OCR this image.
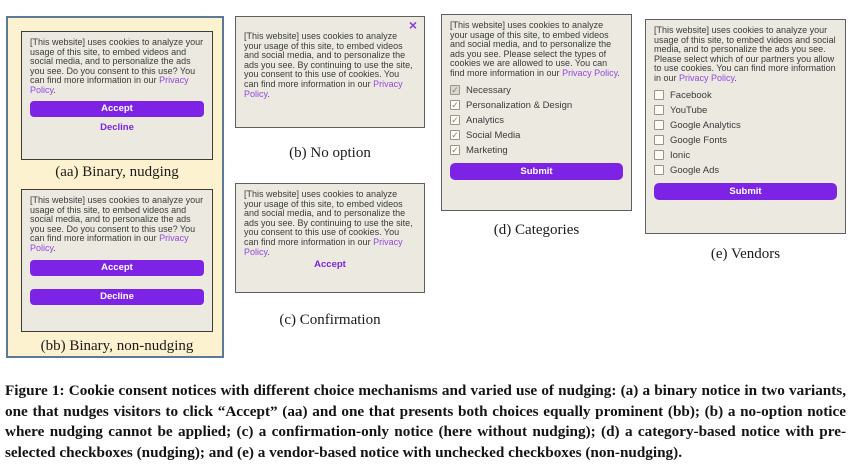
[This website] uses cookies to analyze your usage of this site, to embed videos and social media, and to personalize the ads you see. Do you consent to this use? You can find more information in our Privacy Policy.

Accept
Decline
(aa) Binary, nudging

[This website] uses cookies to analyze your usage of this site, to embed videos and social media, and to personalize the ads you see. Do you consent to this use? You can find more information in our Privacy Policy.

Accept
Decline
(bb) Binary, non-nudging
×

[This website] uses cookies to analyze your usage of this site, to embed videos and social media, and to personalize the ads you see. By continuing to use the site, you consent to this use of cookies. You can find more information in our Privacy Policy.

(b) No option

[This website] uses cookies to analyze your usage of this site, to embed videos and social media, and to personalize the ads you see. By continuing to use the site, you consent to this use of cookies. You can find more information in our Privacy Policy.

Accept
(c) Confirmation

[This website] uses cookies to analyze your usage of this site, to embed videos and social media, and to personalize the ads you see. Please select the types of cookies we are allowed to use. You can find more information in our Privacy Policy.

✓
Necessary
✓
Personalization & Design
✓
Analytics
✓
Social Media
✓
Marketing
Submit
(d) Categories

[This website] uses cookies to analyze your usage of this site, to embed videos and social media, and to personalize the ads you see. Please select which of our partners you allow to use cookies. You can find more information in our Privacy Policy.

Facebook
YouTube
Google Analytics
Google Fonts
Ionic
Google Ads
Submit
(e) Vendors
Figure 1: Cookie consent notices with different choice mechanisms and varied use of nudging: (a) a binary notice in two variants, one that nudges visitors to click “Accept” (aa) and one that presents both choices equally prominent (bb); (b) a no-option notice where nudging cannot be applied; (c) a confirmation-only notice (here without nudging); (d) a category-based notice with pre-selected checkboxes (nudging); and (e) a vendor-based notice with unchecked checkboxes (non-nudging).
